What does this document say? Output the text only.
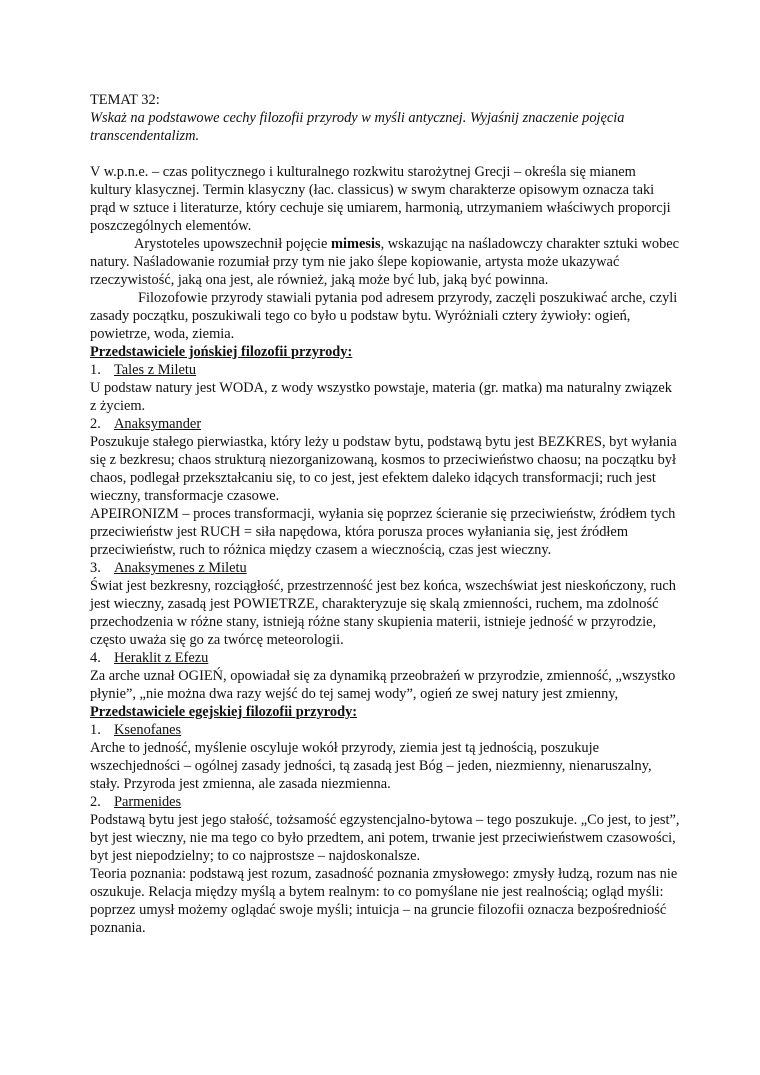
TEMAT 32:

Wskaż na podstawowe cechy filozofii przyrody w myśli antycznej. Wyjaśnij znaczenie pojęcia transcendentalizm.

V w.p.n.e. – czas politycznego i kulturalnego rozkwitu starożytnej Grecji – określa się mianem kultury klasycznej. Termin klasyczny (łac. classicus) w swym charakterze opisowym oznacza taki prąd w sztuce i literaturze, który cechuje się umiarem, harmonią, utrzymaniem właściwych proporcji poszczególnych elementów.

Arystoteles upowszechnił pojęcie mimesis, wskazując na naśladowczy charakter sztuki wobec natury. Naśladowanie rozumiał przy tym nie jako ślepe kopiowanie, artysta może ukazywać rzeczywistość, jaką ona jest, ale również, jaką może być lub, jaką być powinna.

Filozofowie przyrody stawiali pytania pod adresem przyrody, zaczęli poszukiwać arche, czyli zasady początku, poszukiwali tego co było u podstaw bytu. Wyróżniali cztery żywioły: ogień, powietrze, woda, ziemia.

Przedstawiciele jońskiej filozofii przyrody:

1. Tales z Miletu

U podstaw natury jest WODA, z wody wszystko powstaje, materia (gr. matka) ma naturalny związek z życiem.

2. Anaksymander

Poszukuje stałego pierwiastka, który leży u podstaw bytu, podstawą bytu jest BEZKRES, byt wyłania się z bezkresu; chaos strukturą niezorganizowaną, kosmos to przeciwieństwo chaosu; na początku był chaos, podlegał przekształcaniu się, to co jest, jest efektem daleko idących transformacji; ruch jest wieczny, transformacje czasowe.

APEIRONIZM – proces transformacji, wyłania się poprzez ścieranie się przeciwieństw, źródłem tych przeciwieństw jest RUCH = siła napędowa, która porusza proces wyłaniania się, jest źródłem przeciwieństw, ruch to różnica między czasem a wiecznością, czas jest wieczny.

3. Anaksymenes z Miletu

Świat jest bezkresny, rozciągłość, przestrzenność jest bez końca, wszechświat jest nieskończony, ruch jest wieczny, zasadą jest POWIETRZE, charakteryzuje się skalą zmienności, ruchem, ma zdolność przechodzenia w różne stany, istnieją różne stany skupienia materii, istnieje jedność w przyrodzie, często uważa się go za twórcę meteorologii.

4. Heraklit z Efezu

Za arche uznał OGIEŃ, opowiadał się za dynamiką przeobrażeń w przyrodzie, zmienność, „wszystko płynie”, „nie można dwa razy wejść do tej samej wody”, ogień ze swej natury jest zmienny,

Przedstawiciele egejskiej filozofii przyrody:

1. Ksenofanes

Arche to jedność, myślenie oscyluje wokół przyrody, ziemia jest tą jednością, poszukuje wszechjedności – ogólnej zasady jedności, tą zasadą jest Bóg – jeden, niezmienny, nienaruszalny, stały. Przyroda jest zmienna, ale zasada niezmienna.

2. Parmenides

Podstawą bytu jest jego stałość, tożsamość egzystencjalno-bytowa – tego poszukuje. „Co jest, to jest”, byt jest wieczny, nie ma tego co było przedtem, ani potem, trwanie jest przeciwieństwem czasowości, byt jest niepodzielny; to co najprostsze – najdoskonalsze.

Teoria poznania: podstawą jest rozum, zasadność poznania zmysłowego: zmysły łudzą, rozum nas nie oszukuje. Relacja między myślą a bytem realnym: to co pomyślane nie jest realnością; ogląd myśli: poprzez umysł możemy oglądać swoje myśli; intuicja – na gruncie filozofii oznacza bezpośredniość poznania.
